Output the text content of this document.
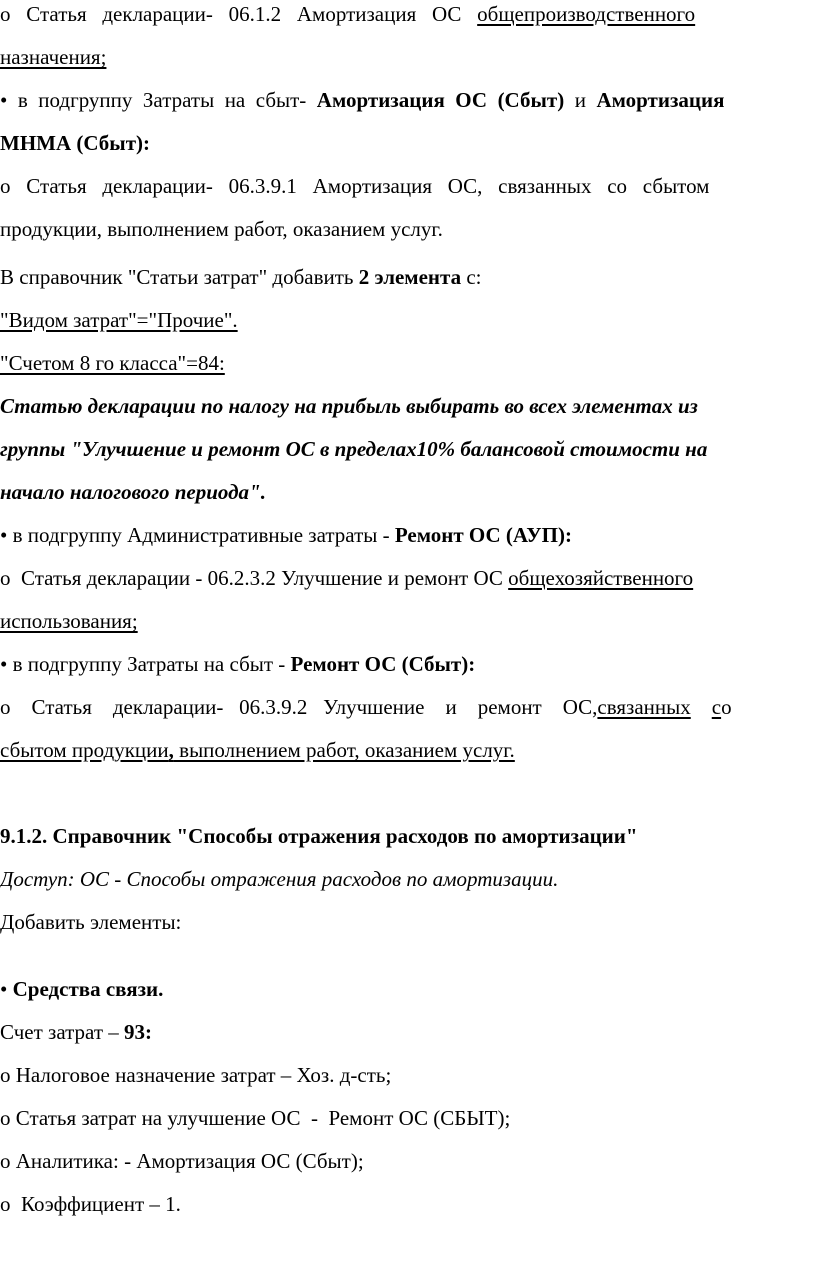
o   Статья   декларации-   06.1.2   Амортизация   ОС   общепроизводственного
назначения;
•  в  подгруппу  Затраты  на  сбыт-  Амортизация  ОС  (Сбыт)  и  Амортизация
МНМА (Сбыт):
o   Статья   декларации-   06.3.9.1   Амортизация   ОС,   связанных   со   сбытом
продукции, выполнением работ, оказанием услуг.
В справочник "Статьи затрат" добавить 2 элемента с:
"Видом затрат"="Прочие".
"Счетом 8 го класса"=84:
Статью декларации по налогу на прибыль выбирать во всех элементах из
группы "Улучшение и ремонт ОС в пределах10% балансовой стоимости на
начало налогового периода".
• в подгруппу Административные затраты - Ремонт ОС (АУП):
o  Статья декларации - 06.2.3.2 Улучшение и ремонт ОС общехозяйственного
использования;
• в подгруппу Затраты на сбыт - Ремонт ОС (Сбыт):
o    Статья    декларации-   06.3.9.2   Улучшение    и    ремонт    ОС,связанных со
сбытом продукции, выполнением работ, оказанием услуг.
9.1.2. Справочник "Способы отражения расходов по амортизации"
Доступ: ОС - Способы отражения расходов по амортизации.
Добавить элементы:
• Средства связи.
Счет затрат – 93:
o Налоговое назначение затрат – Хоз. д-сть;
o Статья затрат на улучшение ОС  -  Ремонт ОС (СБЫТ);
o Аналитика: - Амортизация ОС (Сбыт);
o  Коэффициент – 1.
